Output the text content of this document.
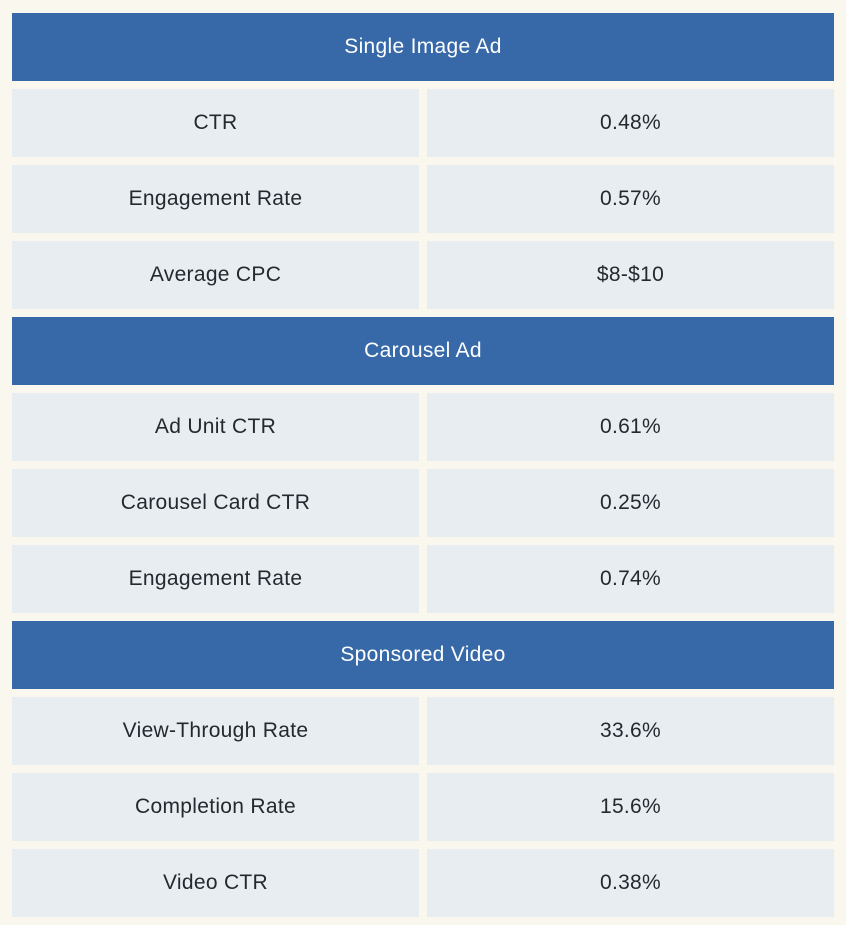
Single Image Ad
CTR	0.48%
Engagement Rate	0.57%
Average CPC	$8-$10
Carousel Ad
Ad Unit CTR	0.61%
Carousel Card CTR	0.25%
Engagement Rate	0.74%
Sponsored Video
View-Through Rate	33.6%
Completion Rate	15.6%
Video CTR	0.38%
